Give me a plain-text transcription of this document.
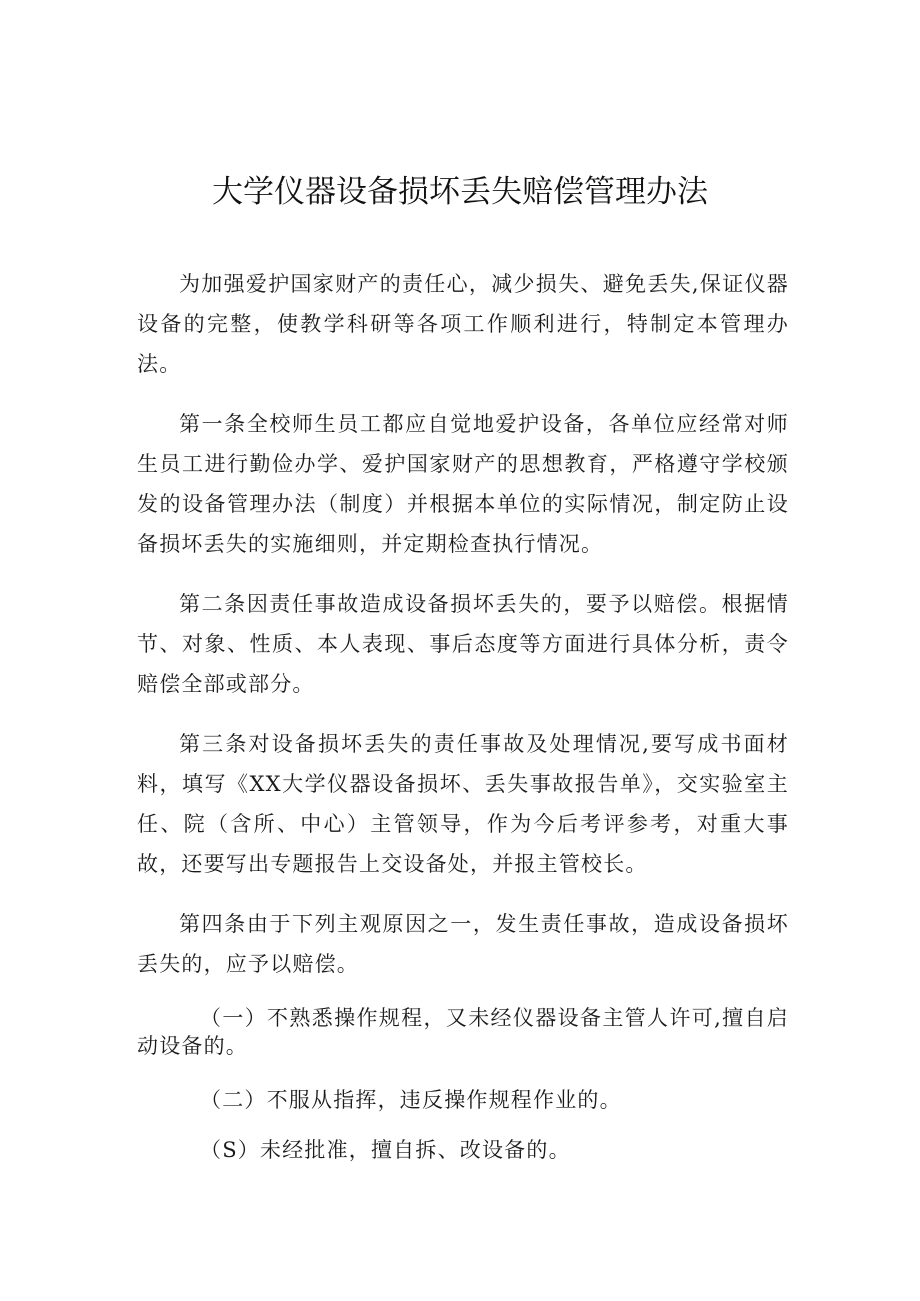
大学仪器设备损坏丢失赔偿管理办法

为加强爱护国家财产的责任心，减少损失、避免丢失,保证仪器设备的完整，使教学科研等各项工作顺利进行，特制定本管理办法。

第一条全校师生员工都应自觉地爱护设备，各单位应经常对师生员工进行勤俭办学、爱护国家财产的思想教育，严格遵守学校颁发的设备管理办法（制度）并根据本单位的实际情况，制定防止设备损坏丢失的实施细则，并定期检查执行情况。

第二条因责任事故造成设备损坏丢失的，要予以赔偿。根据情节、对象、性质、本人表现、事后态度等方面进行具体分析，责令赔偿全部或部分。

第三条对设备损坏丢失的责任事故及处理情况,要写成书面材料，填写《XX大学仪器设备损坏、丢失事故报告单》，交实验室主任、院（含所、中心）主管领导，作为今后考评参考，对重大事故，还要写出专题报告上交设备处，并报主管校长。

第四条由于下列主观原因之一，发生责任事故，造成设备损坏丢失的，应予以赔偿。

（一）不熟悉操作规程，又未经仪器设备主管人许可,擅自启动设备的。

（二）不服从指挥，违反操作规程作业的。

（S）未经批准，擅自拆、改设备的。
